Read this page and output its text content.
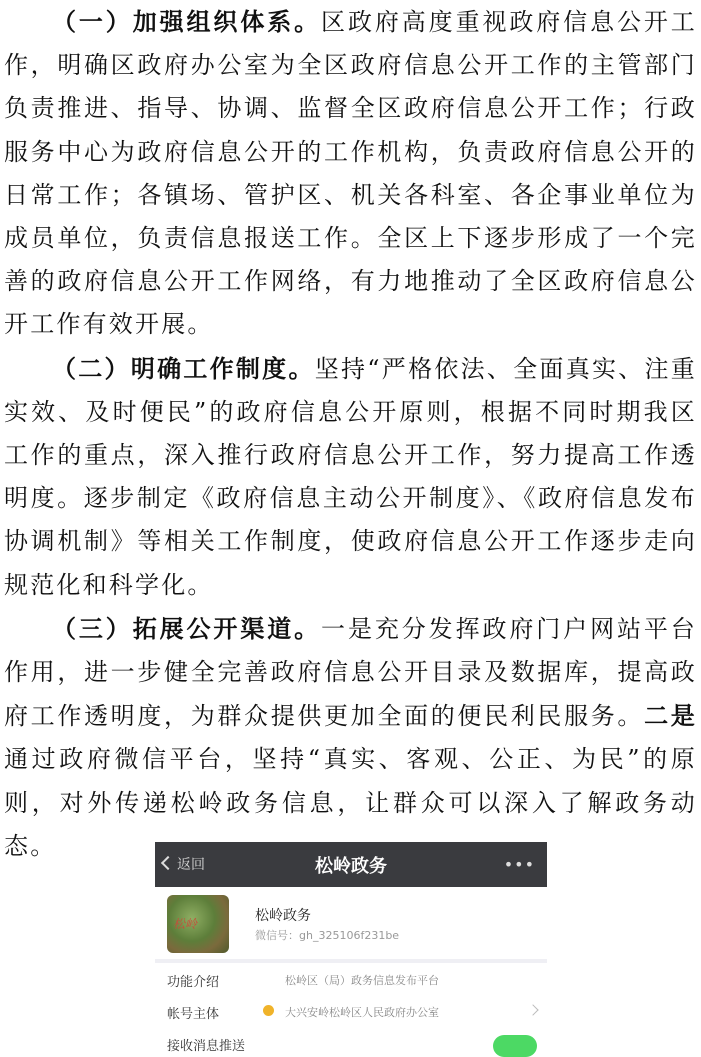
（一）加强组织体系。区政府高度重视政府信息公开工作，明确区政府办公室为全区政府信息公开工作的主管部门负责推进、指导、协调、监督全区政府信息公开工作；行政服务中心为政府信息公开的工作机构，负责政府信息公开的日常工作；各镇场、管护区、机关各科室、各企事业单位为成员单位，负责信息报送工作。全区上下逐步形成了一个完善的政府信息公开工作网络，有力地推动了全区政府信息公开工作有效开展。

（二）明确工作制度。坚持“严格依法、全面真实、注重实效、及时便民”的政府信息公开原则，根据不同时期我区工作的重点，深入推行政府信息公开工作，努力提高工作透明度。逐步制定《政府信息主动公开制度》、《政府信息发布协调机制》等相关工作制度，使政府信息公开工作逐步走向规范化和科学化。

（三）拓展公开渠道。一是充分发挥政府门户网站平台作用，进一步健全完善政府信息公开目录及数据库，提高政府工作透明度，为群众提供更加全面的便民利民服务。二是通过政府微信平台，坚持“真实、客观、公正、为民”的原则，对外传递松岭政务信息，让群众可以深入了解政务动态。

返回	松岭政务	•••
松岭	松岭政务
微信号：gh_325106f231be
功能介绍	松岭区（局）政务信息发布平台
帐号主体	大兴安岭松岭区人民政府办公室
接收消息推送
